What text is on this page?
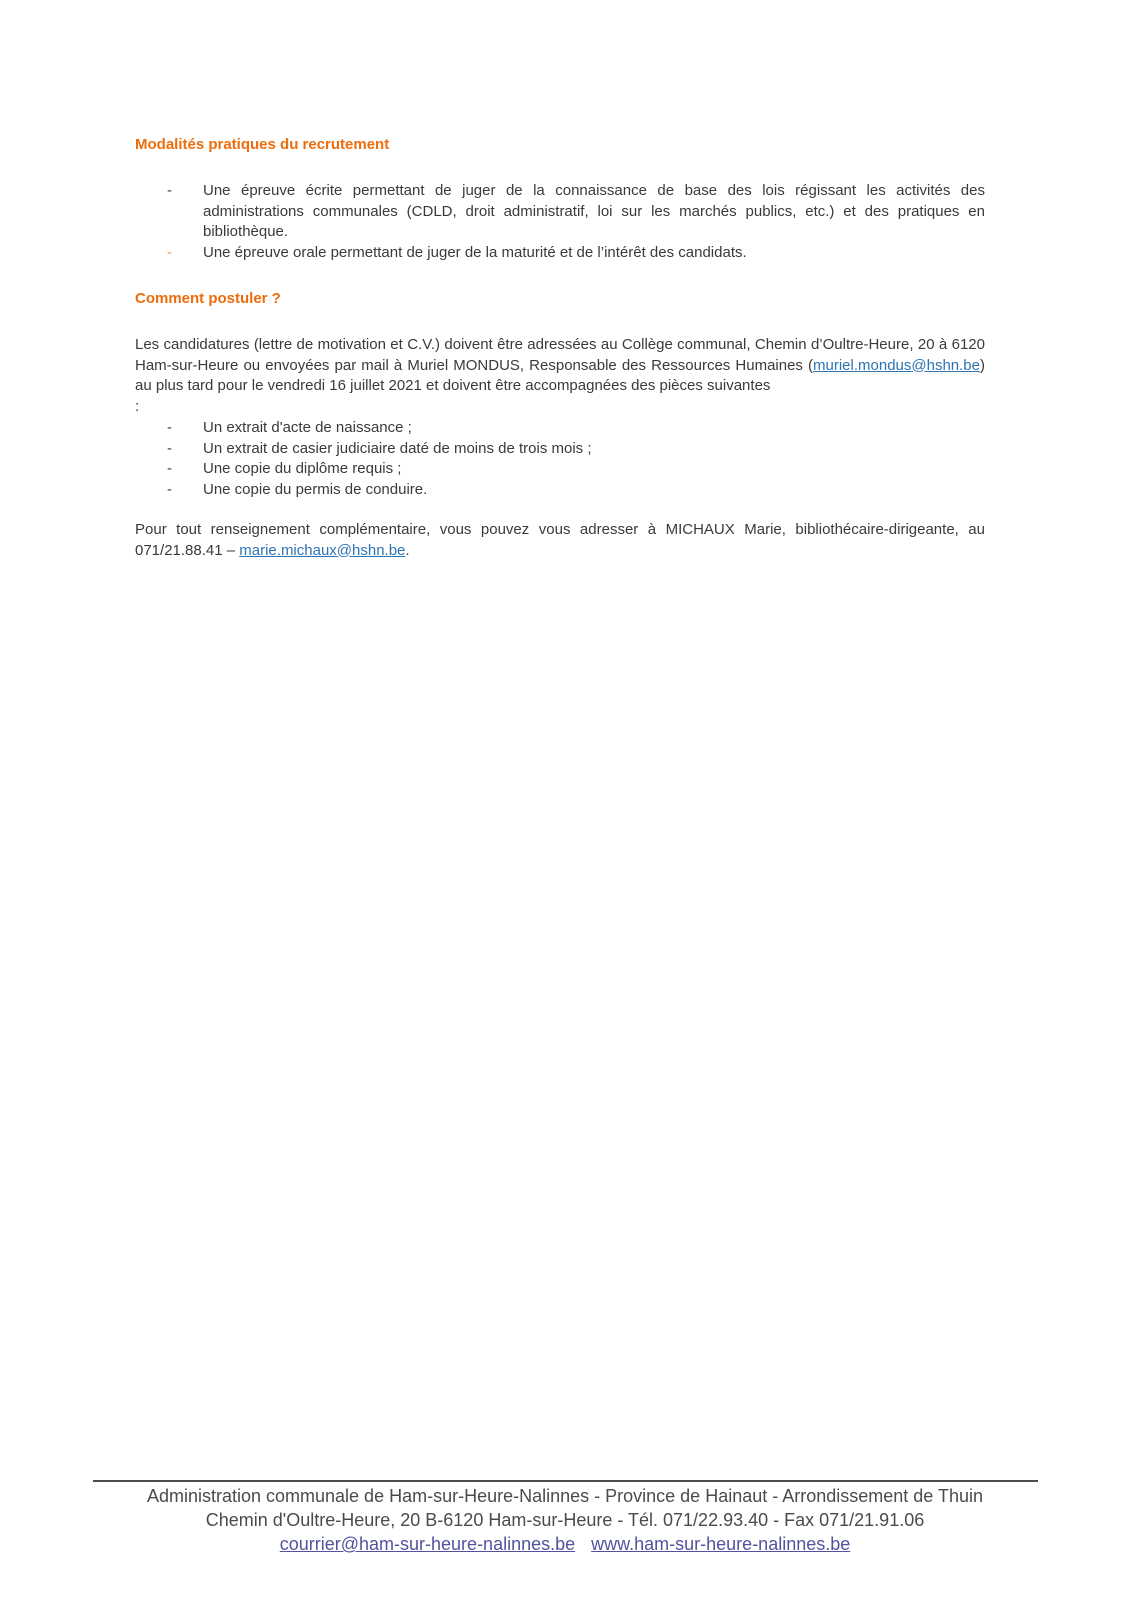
Modalités pratiques du recrutement
- Une épreuve écrite permettant de juger de la connaissance de base des lois régissant les activités des administrations communales (CDLD, droit administratif, loi sur les marchés publics, etc.) et des pratiques en bibliothèque.
- Une épreuve orale permettant de juger de la maturité et de l’intérêt des candidats.
Comment postuler ?

Les candidatures (lettre de motivation et C.V.) doivent être adressées au Collège communal, Chemin d’Oultre-Heure, 20 à 6120 Ham-sur-Heure ou envoyées par mail à Muriel MONDUS, Responsable des Ressources Humaines (muriel.mondus@hshn.be) au plus tard pour le vendredi 16 juillet 2021 et doivent être accompagnées des pièces suivantes

:
- Un extrait d'acte de naissance ;
- Un extrait de casier judiciaire daté de moins de trois mois ;
- Une copie du diplôme requis ;
- Une copie du permis de conduire.

Pour tout renseignement complémentaire, vous pouvez vous adresser à MICHAUX Marie, bibliothécaire-dirigeante, au 071/21.88.41 – marie.michaux@hshn.be.

Administration communale de Ham-sur-Heure-Nalinnes - Province de Hainaut - Arrondissement de Thuin
Chemin d'Oultre-Heure, 20 B-6120 Ham-sur-Heure - Tél. 071/22.93.40 - Fax 071/21.91.06
courrier@ham-sur-heure-nalinnes.be www.ham-sur-heure-nalinnes.be
